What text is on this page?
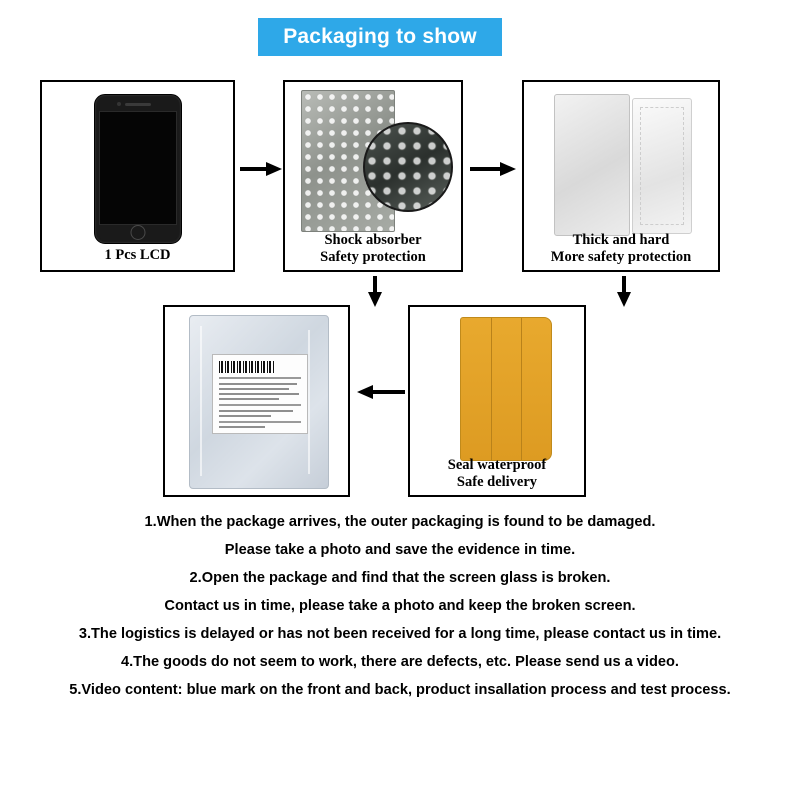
Packaging to show
1 Pcs LCD
Shock absorber
Safety protection
Thick and hard
More safety protection
Seal waterproof
Safe delivery

1.When the package arrives, the outer packaging is found to be damaged.

Please take a photo and save the evidence in time.

2.Open the package and find that the screen glass is broken.

Contact us in time, please take a photo and keep the broken screen.

3.The logistics is delayed or has not been received for a long time, please contact us in time.

4.The goods do not seem to work, there are defects, etc. Please send us a video.

5.Video content: blue mark on the front and back, product insallation process and test process.
